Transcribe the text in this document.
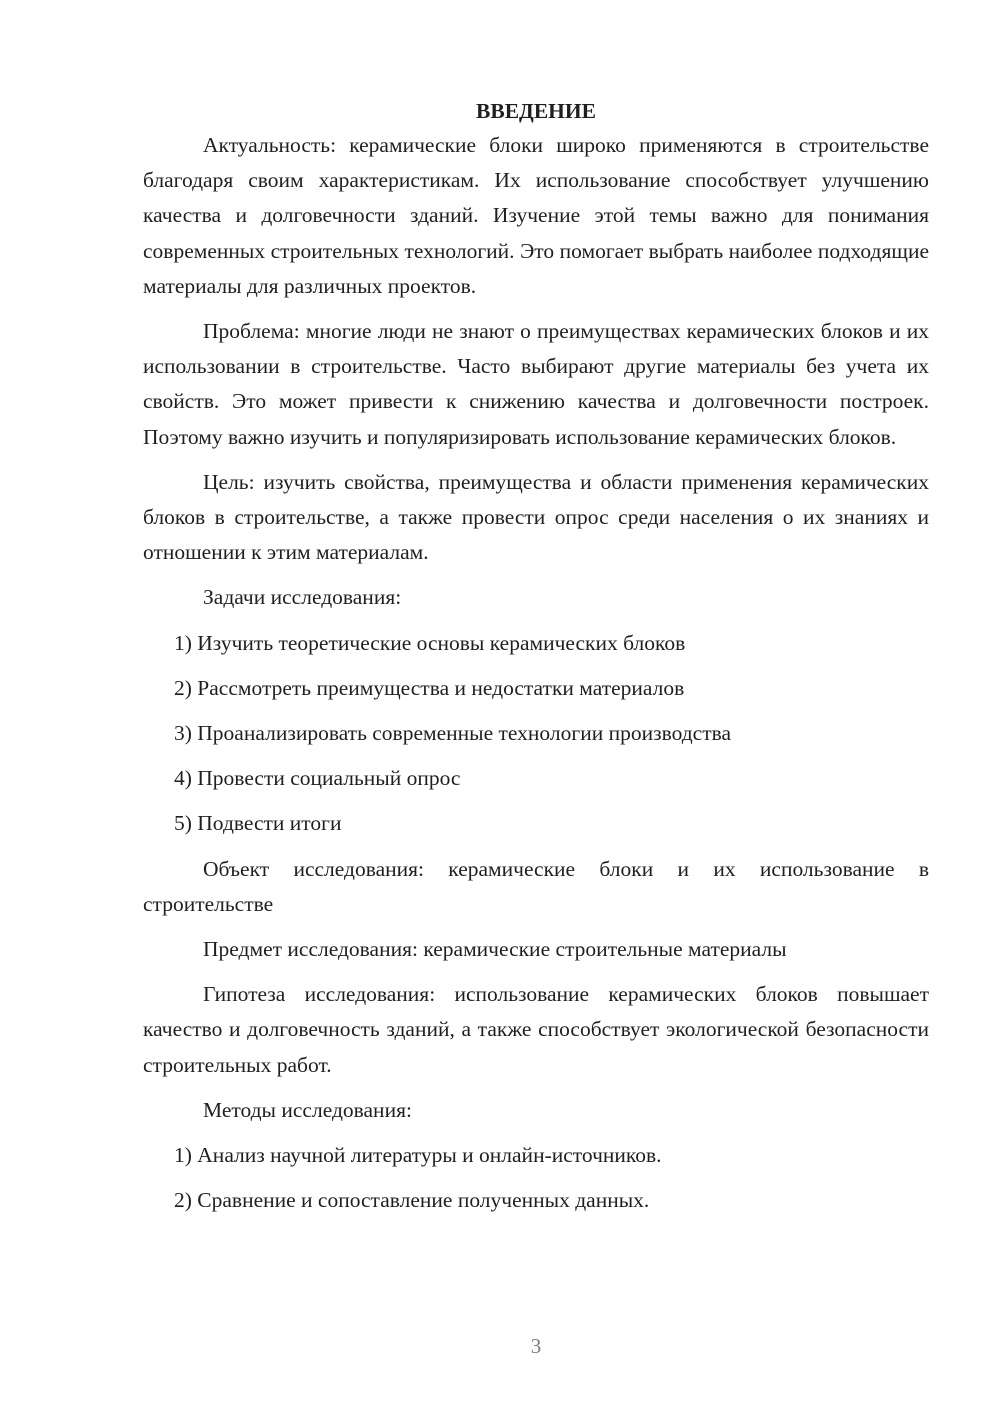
ВВЕДЕНИЕ

Актуальность: керамические блоки широко применяются в строительстве благодаря своим характеристикам. Их использование способствует улучшению качества и долговечности зданий. Изучение этой темы важно для понимания современных строительных технологий. Это помогает выбрать наиболее подходящие материалы для различных проектов.

Проблема: многие люди не знают о преимуществах керамических блоков и их использовании в строительстве. Часто выбирают другие материалы без учета их свойств. Это может привести к снижению качества и долговечности построек. Поэтому важно изучить и популяризировать использование керамических блоков.

Цель: изучить свойства, преимущества и области применения керамических блоков в строительстве, а также провести опрос среди населения о их знаниях и отношении к этим материалам.

Задачи исследования:

1) Изучить теоретические основы керамических блоков

2) Рассмотреть преимущества и недостатки материалов

3) Проанализировать современные технологии производства

4) Провести социальный опрос

5) Подвести итоги

Объект исследования: керамические блоки и их использование в строительстве

Предмет исследования: керамические строительные материалы

Гипотеза исследования: использование керамических блоков повышает качество и долговечность зданий, а также способствует экологической безопасности строительных работ.

Методы исследования:

1) Анализ научной литературы и онлайн-источников.

2) Сравнение и сопоставление полученных данных.

3
